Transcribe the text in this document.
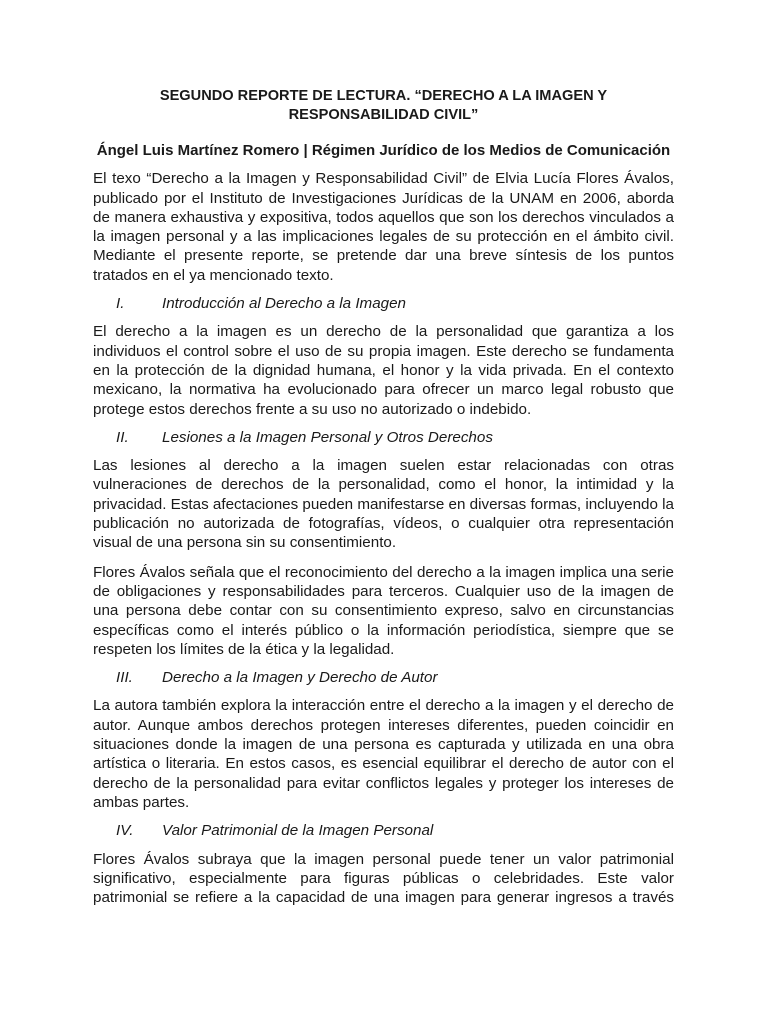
SEGUNDO REPORTE DE LECTURA. “DERECHO A LA IMAGEN Y RESPONSABILIDAD CIVIL”
Ángel Luis Martínez Romero | Régimen Jurídico de los Medios de Comunicación

El texo “Derecho a la Imagen y Responsabilidad Civil” de Elvia Lucía Flores Ávalos, publicado por el Instituto de Investigaciones Jurídicas de la UNAM en 2006, aborda de manera exhaustiva y expositiva, todos aquellos que son los derechos vinculados a la imagen personal y a las implicaciones legales de su protección en el ámbito civil. Mediante el presente reporte, se pretende dar una breve síntesis de los puntos tratados en el ya mencionado texto.

I.	Introducción al Derecho a la Imagen

El derecho a la imagen es un derecho de la personalidad que garantiza a los individuos el control sobre el uso de su propia imagen. Este derecho se fundamenta en la protección de la dignidad humana, el honor y la vida privada. En el contexto mexicano, la normativa ha evolucionado para ofrecer un marco legal robusto que protege estos derechos frente a su uso no autorizado o indebido.

II.	Lesiones a la Imagen Personal y Otros Derechos

Las lesiones al derecho a la imagen suelen estar relacionadas con otras vulneraciones de derechos de la personalidad, como el honor, la intimidad y la privacidad. Estas afectaciones pueden manifestarse en diversas formas, incluyendo la publicación no autorizada de fotografías, vídeos, o cualquier otra representación visual de una persona sin su consentimiento.

Flores Ávalos señala que el reconocimiento del derecho a la imagen implica una serie de obligaciones y responsabilidades para terceros. Cualquier uso de la imagen de una persona debe contar con su consentimiento expreso, salvo en circunstancias específicas como el interés público o la información periodística, siempre que se respeten los límites de la ética y la legalidad.

III.	Derecho a la Imagen y Derecho de Autor

La autora también explora la interacción entre el derecho a la imagen y el derecho de autor. Aunque ambos derechos protegen intereses diferentes, pueden coincidir en situaciones donde la imagen de una persona es capturada y utilizada en una obra artística o literaria. En estos casos, es esencial equilibrar el derecho de autor con el derecho de la personalidad para evitar conflictos legales y proteger los intereses de ambas partes.

IV.	Valor Patrimonial de la Imagen Personal

Flores Ávalos subraya que la imagen personal puede tener un valor patrimonial significativo, especialmente para figuras públicas o celebridades. Este valor patrimonial se refiere a la capacidad de una imagen para generar ingresos a través
